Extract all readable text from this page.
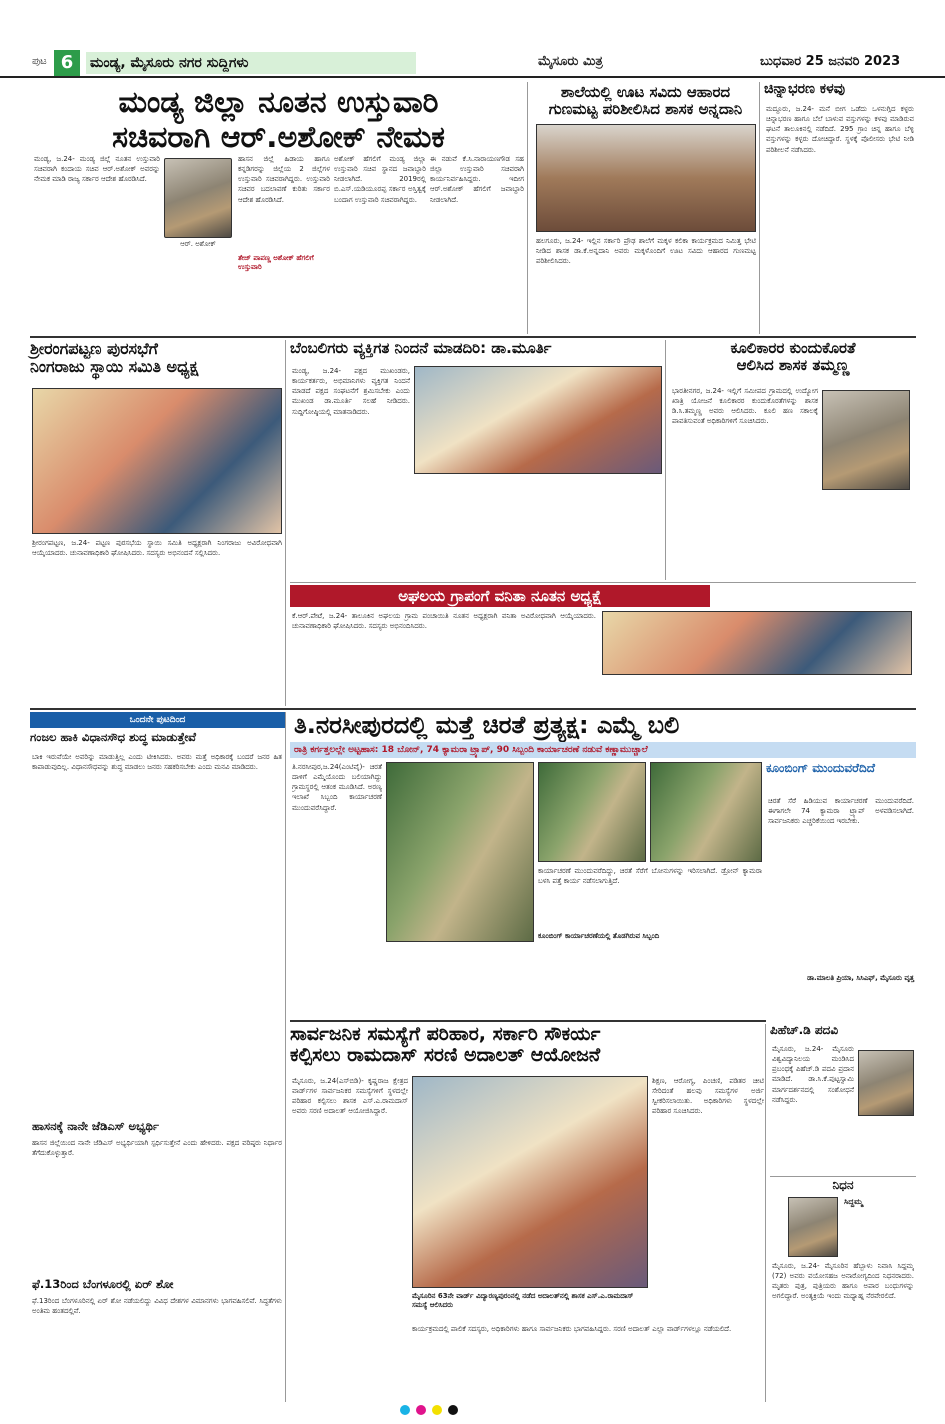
ಪುಟ 6	ಮಂಡ್ಯ, ಮೈಸೂರು ನಗರ ಸುದ್ದಿಗಳು	ಮೈಸೂರು ಮಿತ್ರ	ಬುಧವಾರ 25 ಜನವರಿ 2023
ಮಂಡ್ಯ ಜಿಲ್ಲಾ ನೂತನ ಉಸ್ತುವಾರಿ
ಸಚಿವರಾಗಿ ಆರ್.ಅಶೋಕ್ ನೇಮಕ
ಮಂಡ್ಯ, ಜ.24- ಮಂಡ್ಯ ಜಿಲ್ಲೆ ನೂತನ ಉಸ್ತುವಾರಿ ಸಚಿವರಾಗಿ ಕಂದಾಯ ಸಚಿವ ಆರ್.ಅಶೋಕ್ ಅವರನ್ನು ನೇಮಕ ಮಾಡಿ ರಾಜ್ಯ ಸರ್ಕಾರ ಆದೇಶ ಹೊರಡಿಸಿದೆ.
ಆರ್. ಅಶೋಕ್
ಹಾಸನ ಜಿಲ್ಲೆ ಹಿಡಾಯ ಹಾಗೂ ಕನ್ನಡಿಗರನ್ನು ಜಿಲ್ಲೆಯ 2 ಜಿಲ್ಲೆಗಳ ಉಸ್ತುವಾರಿ ಸಚಿವರಾಗಿದ್ದರು. ಉಸ್ತುವಾರಿ ಸಚಿವರ ಬದಲಾವಣೆ ಕುರಿತು ಸರ್ಕಾರ ಆದೇಶ ಹೊರಡಿಸಿದೆ.
ತೇಜ್ ಪಾಪಣ್ಣ ಅಶೋಕ್ ಹೆಗಲಿಗೆ ಉಸ್ತುವಾರಿ
ಅಶೋಕ್ ಹೆಗಲಿಗೆ ಮಂಡ್ಯ ಜಿಲ್ಲಾ ಉಸ್ತುವಾರಿ ಸಚಿವ ಸ್ಥಾನದ ಜವಾಬ್ದಾರಿ ನೀಡಲಾಗಿದೆ. 2019ರಲ್ಲಿ ಬಿ.ಎಸ್.ಯಡಿಯೂರಪ್ಪ ಸರ್ಕಾರ ಅಸ್ತಿತ್ವಕ್ಕೆ ಬಂದಾಗ ಉಸ್ತುವಾರಿ ಸಚಿವರಾಗಿದ್ದರು.
ಈ ನಡುವೆ ಕೆ.ಸಿ.ನಾರಾಯಣಗೌಡ ಸಹ ಜಿಲ್ಲಾ ಉಸ್ತುವಾರಿ ಸಚಿವರಾಗಿ ಕಾರ್ಯನಿರ್ವಹಿಸಿದ್ದರು. ಇದೀಗ ಆರ್.ಅಶೋಕ್ ಹೆಗಲಿಗೆ ಜವಾಬ್ದಾರಿ ನೀಡಲಾಗಿದೆ.
ಶಾಲೆಯಲ್ಲಿ ಊಟ ಸವಿದು ಆಹಾರದ
ಗುಣಮಟ್ಟ ಪರಿಶೀಲಿಸಿದ ಶಾಸಕ ಅನ್ನದಾನಿ
ಹಲಗೂರು, ಜ.24- ಇಲ್ಲಿನ ಸರ್ಕಾರಿ ಪ್ರೌಢ ಶಾಲೆಗೆ ಮಕ್ಕಳ ಕಲಿಕಾ ಕಾರ್ಯಕ್ರಮದ ನಿಮಿತ್ತ ಭೇಟಿ ನೀಡಿದ ಶಾಸಕ ಡಾ.ಕೆ.ಅನ್ನದಾನಿ ಅವರು ಮಕ್ಕಳೊಂದಿಗೆ ಊಟ ಸವಿದು ಆಹಾರದ ಗುಣಮಟ್ಟ ಪರಿಶೀಲಿಸಿದರು.
ಚಿನ್ನಾಭರಣ ಕಳವು
ಮದ್ದೂರು, ಜ.24- ಮನೆ ಬೀಗ ಒಡೆದು ಒಳನುಗ್ಗಿದ ಕಳ್ಳರು ಚಿನ್ನಾಭರಣ ಹಾಗೂ ಬೆಲೆ ಬಾಳುವ ವಸ್ತುಗಳನ್ನು ಕಳವು ಮಾಡಿರುವ ಘಟನೆ ತಾಲೂಕಿನಲ್ಲಿ ನಡೆದಿದೆ. 295 ಗ್ರಾಂ ಚಿನ್ನ ಹಾಗೂ ಬೆಳ್ಳಿ ವಸ್ತುಗಳನ್ನು ಕಳ್ಳರು ದೋಚಿದ್ದಾರೆ. ಸ್ಥಳಕ್ಕೆ ಪೊಲೀಸರು ಭೇಟಿ ನೀಡಿ ಪರಿಶೀಲನೆ ನಡೆಸಿದರು.
ಶ್ರೀರಂಗಪಟ್ಟಣ ಪುರಸಭೆಗೆ
ನಿಂಗರಾಜು ಸ್ಥಾಯಿ ಸಮಿತಿ ಅಧ್ಯಕ್ಷ
ಶ್ರೀರಂಗಪಟ್ಟಣ, ಜ.24- ಪಟ್ಟಣ ಪುರಸಭೆಯ ಸ್ಥಾಯಿ ಸಮಿತಿ ಅಧ್ಯಕ್ಷರಾಗಿ ನಿಂಗರಾಜು ಅವಿರೋಧವಾಗಿ ಆಯ್ಕೆಯಾದರು. ಚುನಾವಣಾಧಿಕಾರಿ ಘೋಷಿಸಿದರು. ಸದಸ್ಯರು ಅಭಿನಂದನೆ ಸಲ್ಲಿಸಿದರು.
ಬೆಂಬಲಿಗರು ವ್ಯಕ್ತಿಗತ ನಿಂದನೆ ಮಾಡದಿರಿ: ಡಾ.ಮೂರ್ತಿ
ಮಂಡ್ಯ, ಜ.24- ಪಕ್ಷದ ಮುಖಂಡರು, ಕಾರ್ಯಕರ್ತರು, ಅಭಿಮಾನಿಗಳು ವ್ಯಕ್ತಿಗತ ನಿಂದನೆ ಮಾಡದೆ ಪಕ್ಷದ ಸಂಘಟನೆಗೆ ಶ್ರಮಿಸಬೇಕು ಎಂದು ಮುಖಂಡ ಡಾ.ಮೂರ್ತಿ ಸಲಹೆ ನೀಡಿದರು. ಸುದ್ದಿಗೋಷ್ಠಿಯಲ್ಲಿ ಮಾತನಾಡಿದರು.
ಕೂಲಿಕಾರರ ಕುಂದುಕೊರತೆ
ಆಲಿಸಿದ ಶಾಸಕ ತಮ್ಮಣ್ಣ
ಭಾರತೀನಗರ, ಜ.24- ಇಲ್ಲಿಗೆ ಸಮೀಪದ ಗ್ರಾಮದಲ್ಲಿ ಉದ್ಯೋಗ ಖಾತ್ರಿ ಯೋಜನೆ ಕೂಲಿಕಾರರ ಕುಂದುಕೊರತೆಗಳನ್ನು ಶಾಸಕ ಡಿ.ಸಿ.ತಮ್ಮಣ್ಣ ಅವರು ಆಲಿಸಿದರು. ಕೂಲಿ ಹಣ ಸಕಾಲಕ್ಕೆ ಪಾವತಿಸುವಂತೆ ಅಧಿಕಾರಿಗಳಿಗೆ ಸೂಚಿಸಿದರು.
ಅಘಲಯ ಗ್ರಾಪಂಗೆ ವನಿತಾ ನೂತನ ಅಧ್ಯಕ್ಷೆ
ಕೆ.ಆರ್.ಪೇಟೆ, ಜ.24- ತಾಲೂಕಿನ ಅಘಲಯ ಗ್ರಾಮ ಪಂಚಾಯಿತಿ ನೂತನ ಅಧ್ಯಕ್ಷರಾಗಿ ವನಿತಾ ಅವಿರೋಧವಾಗಿ ಆಯ್ಕೆಯಾದರು. ಚುನಾವಣಾಧಿಕಾರಿ ಘೋಷಿಸಿದರು. ಸದಸ್ಯರು ಅಭಿನಂದಿಸಿದರು.
ಒಂದನೇ ಪುಟದಿಂದ
ಗಂಜಲ ಹಾಕಿ ವಿಧಾನಸೌಧ ಶುದ್ಧ ಮಾಡುತ್ತೇವೆ
ಬಾಕಿ ಇರುವೆಯೇ ಅವರಿನ್ನು ಮಾಡುತ್ತಿಲ್ಲ ಎಂದು ಟೀಕಿಸಿದರು. ಅವರು ಮತ್ತೆ ಅಧಿಕಾರಕ್ಕೆ ಬಂದರೆ ಜನರ ಹಿತ ಕಾಪಾಡುವುದಿಲ್ಲ. ವಿಧಾನಸೌಧವನ್ನು ಶುದ್ಧ ಮಾಡಲು ಜನರು ಸಹಕರಿಸಬೇಕು ಎಂದು ಮನವಿ ಮಾಡಿದರು.
ಹಾಸನಕ್ಕೆ ನಾನೇ ಜೆಡಿಎಸ್ ಅಭ್ಯರ್ಥಿ
ಹಾಸನ ಜಿಲ್ಲೆಯಿಂದ ನಾನೇ ಜೆಡಿಎಸ್ ಅಭ್ಯರ್ಥಿಯಾಗಿ ಸ್ಪರ್ಧಿಸುತ್ತೇನೆ ಎಂದು ಹೇಳಿದರು. ಪಕ್ಷದ ವರಿಷ್ಠರು ನಿರ್ಧಾರ ತೆಗೆದುಕೊಳ್ಳುತ್ತಾರೆ.
ಫೆ.13ರಿಂದ ಬೆಂಗಳೂರಲ್ಲಿ ಏರ್ ಶೋ
ಫೆ.13ರಿಂದ ಬೆಂಗಳೂರಿನಲ್ಲಿ ಏರ್ ಶೋ ನಡೆಯಲಿದ್ದು ವಿವಿಧ ದೇಶಗಳ ವಿಮಾನಗಳು ಭಾಗವಹಿಸಲಿವೆ. ಸಿದ್ಧತೆಗಳು ಅಂತಿಮ ಹಂತದಲ್ಲಿವೆ.
ತಿ.ನರಸೀಪುರದಲ್ಲಿ ಮತ್ತೆ ಚಿರತೆ ಪ್ರತ್ಯಕ್ಷ: ಎಮ್ಮೆ ಬಲಿ
ರಾತ್ರಿ ಕರ್ಗತ್ತಲಲ್ಲೇ ಅಟ್ಟಹಾಸ: 18 ಬೋನ್, 74 ಕ್ಯಾಮರಾ ಟ್ರ್ಯಾಪ್, 90 ಸಿಬ್ಬಂದಿ ಕಾರ್ಯಾಚರಣೆ ನಡುವೆ ಕಣ್ಣಾಮುಚ್ಚಾಲೆ
ತಿ.ನರಸೀಪುರ,ಜ.24(ಎಂಟಿವೈ)- ಚಿರತೆ ದಾಳಿಗೆ ಎಮ್ಮೆಯೊಂದು ಬಲಿಯಾಗಿದ್ದು ಗ್ರಾಮಸ್ಥರಲ್ಲಿ ಆತಂಕ ಮೂಡಿಸಿದೆ. ಅರಣ್ಯ ಇಲಾಖೆ ಸಿಬ್ಬಂದಿ ಕಾರ್ಯಾಚರಣೆ ಮುಂದುವರೆಸಿದ್ದಾರೆ.
ಕಾರ್ಯಾಚರಣೆ ಮುಂದುವರೆದಿದ್ದು, ಚಿರತೆ ಸೆರೆಗೆ ಬೋನುಗಳನ್ನು ಇರಿಸಲಾಗಿದೆ. ಡ್ರೋನ್ ಕ್ಯಾಮರಾ ಬಳಸಿ ಪತ್ತೆ ಕಾರ್ಯ ನಡೆಸಲಾಗುತ್ತಿದೆ.
ಕೂಂಬಿಂಗ್ ಕಾರ್ಯಾಚರಣೆಯಲ್ಲಿ ತೊಡಗಿರುವ ಸಿಬ್ಬಂದಿ
ಕೂಂಬಿಂಗ್ ಮುಂದುವರೆದಿದೆ
ಚಿರತೆ ಸೆರೆ ಹಿಡಿಯುವ ಕಾರ್ಯಾಚರಣೆ ಮುಂದುವರೆದಿದೆ. ಈಗಾಗಲೇ 74 ಕ್ಯಾಮರಾ ಟ್ರ್ಯಾಪ್ ಅಳವಡಿಸಲಾಗಿದೆ. ಸಾರ್ವಜನಿಕರು ಎಚ್ಚರಿಕೆಯಿಂದ ಇರಬೇಕು.
ಡಾ.ಮಾಲತಿ ಪ್ರಿಯಾ, ಸಿಸಿಎಫ್, ಮೈಸೂರು ವೃತ್ತ
ಸಾರ್ವಜನಿಕ ಸಮಸ್ಯೆಗೆ ಪರಿಹಾರ, ಸರ್ಕಾರಿ ಸೌಕರ್ಯ
ಕಲ್ಪಿಸಲು ರಾಮದಾಸ್ ಸರಣಿ ಅದಾಲತ್ ಆಯೋಜನೆ
ಮೈಸೂರು, ಜ.24(ಎಸ್‌ಬಿಡಿ)- ಕೃಷ್ಣರಾಜ ಕ್ಷೇತ್ರದ ವಾರ್ಡ್‌ಗಳ ಸಾರ್ವಜನಿಕರ ಸಮಸ್ಯೆಗಳಿಗೆ ಸ್ಥಳದಲ್ಲೇ ಪರಿಹಾರ ಕಲ್ಪಿಸಲು ಶಾಸಕ ಎಸ್.ಎ.ರಾಮದಾಸ್ ಅವರು ಸರಣಿ ಅದಾಲತ್ ಆಯೋಜಿಸಿದ್ದಾರೆ.
ಮೈಸೂರಿನ 63ನೇ ವಾರ್ಡ್ ವಿದ್ಯಾರಣ್ಯಪುರಂನಲ್ಲಿ ನಡೆದ ಅದಾಲತ್‌ನಲ್ಲಿ ಶಾಸಕ ಎಸ್.ಎ.ರಾಮದಾಸ್ ಸಮಸ್ಯೆ ಆಲಿಸಿದರು
ಶಿಕ್ಷಣ, ಆರೋಗ್ಯ, ಪಿಂಚಣಿ, ಪಡಿತರ ಚೀಟಿ ಸೇರಿದಂತೆ ಹಲವು ಸಮಸ್ಯೆಗಳ ಅರ್ಜಿ ಸ್ವೀಕರಿಸಲಾಯಿತು. ಅಧಿಕಾರಿಗಳು ಸ್ಥಳದಲ್ಲೇ ಪರಿಹಾರ ಸೂಚಿಸಿದರು.
ಕಾರ್ಯಕ್ರಮದಲ್ಲಿ ಪಾಲಿಕೆ ಸದಸ್ಯರು, ಅಧಿಕಾರಿಗಳು ಹಾಗೂ ಸಾರ್ವಜನಿಕರು ಭಾಗವಹಿಸಿದ್ದರು. ಸರಣಿ ಅದಾಲತ್ ಎಲ್ಲಾ ವಾರ್ಡ್‌ಗಳಲ್ಲೂ ನಡೆಯಲಿದೆ.
ಪಿಹೆಚ್.ಡಿ ಪದವಿ
ಮೈಸೂರು, ಜ.24- ಮೈಸೂರು ವಿಶ್ವವಿದ್ಯಾನಿಲಯ ಮಂಡಿಸಿದ ಪ್ರಬಂಧಕ್ಕೆ ಪಿಹೆಚ್.ಡಿ ಪದವಿ ಪ್ರದಾನ ಮಾಡಿದೆ. ಡಾ.ಸಿ.ಕೆ.ಪುಟ್ಟಸ್ವಾಮಿ ಮಾರ್ಗದರ್ಶನದಲ್ಲಿ ಸಂಶೋಧನೆ ನಡೆಸಿದ್ದರು.
ನಿಧನ
ಸಿದ್ದಮ್ಮ
ಮೈಸೂರು, ಜ.24- ಮೈಸೂರಿನ ಹೆಬ್ಬಾಳು ನಿವಾಸಿ ಸಿದ್ದಮ್ಮ (72) ಅವರು ವಯೋಸಹಜ ಅನಾರೋಗ್ಯದಿಂದ ನಿಧನರಾದರು. ಮೃತರು ಪುತ್ರ, ಪುತ್ರಿಯರು ಹಾಗೂ ಅಪಾರ ಬಂಧುಗಳನ್ನು ಅಗಲಿದ್ದಾರೆ. ಅಂತ್ಯಕ್ರಿಯೆ ಇಂದು ಮಧ್ಯಾಹ್ನ ನೆರವೇರಲಿದೆ.
